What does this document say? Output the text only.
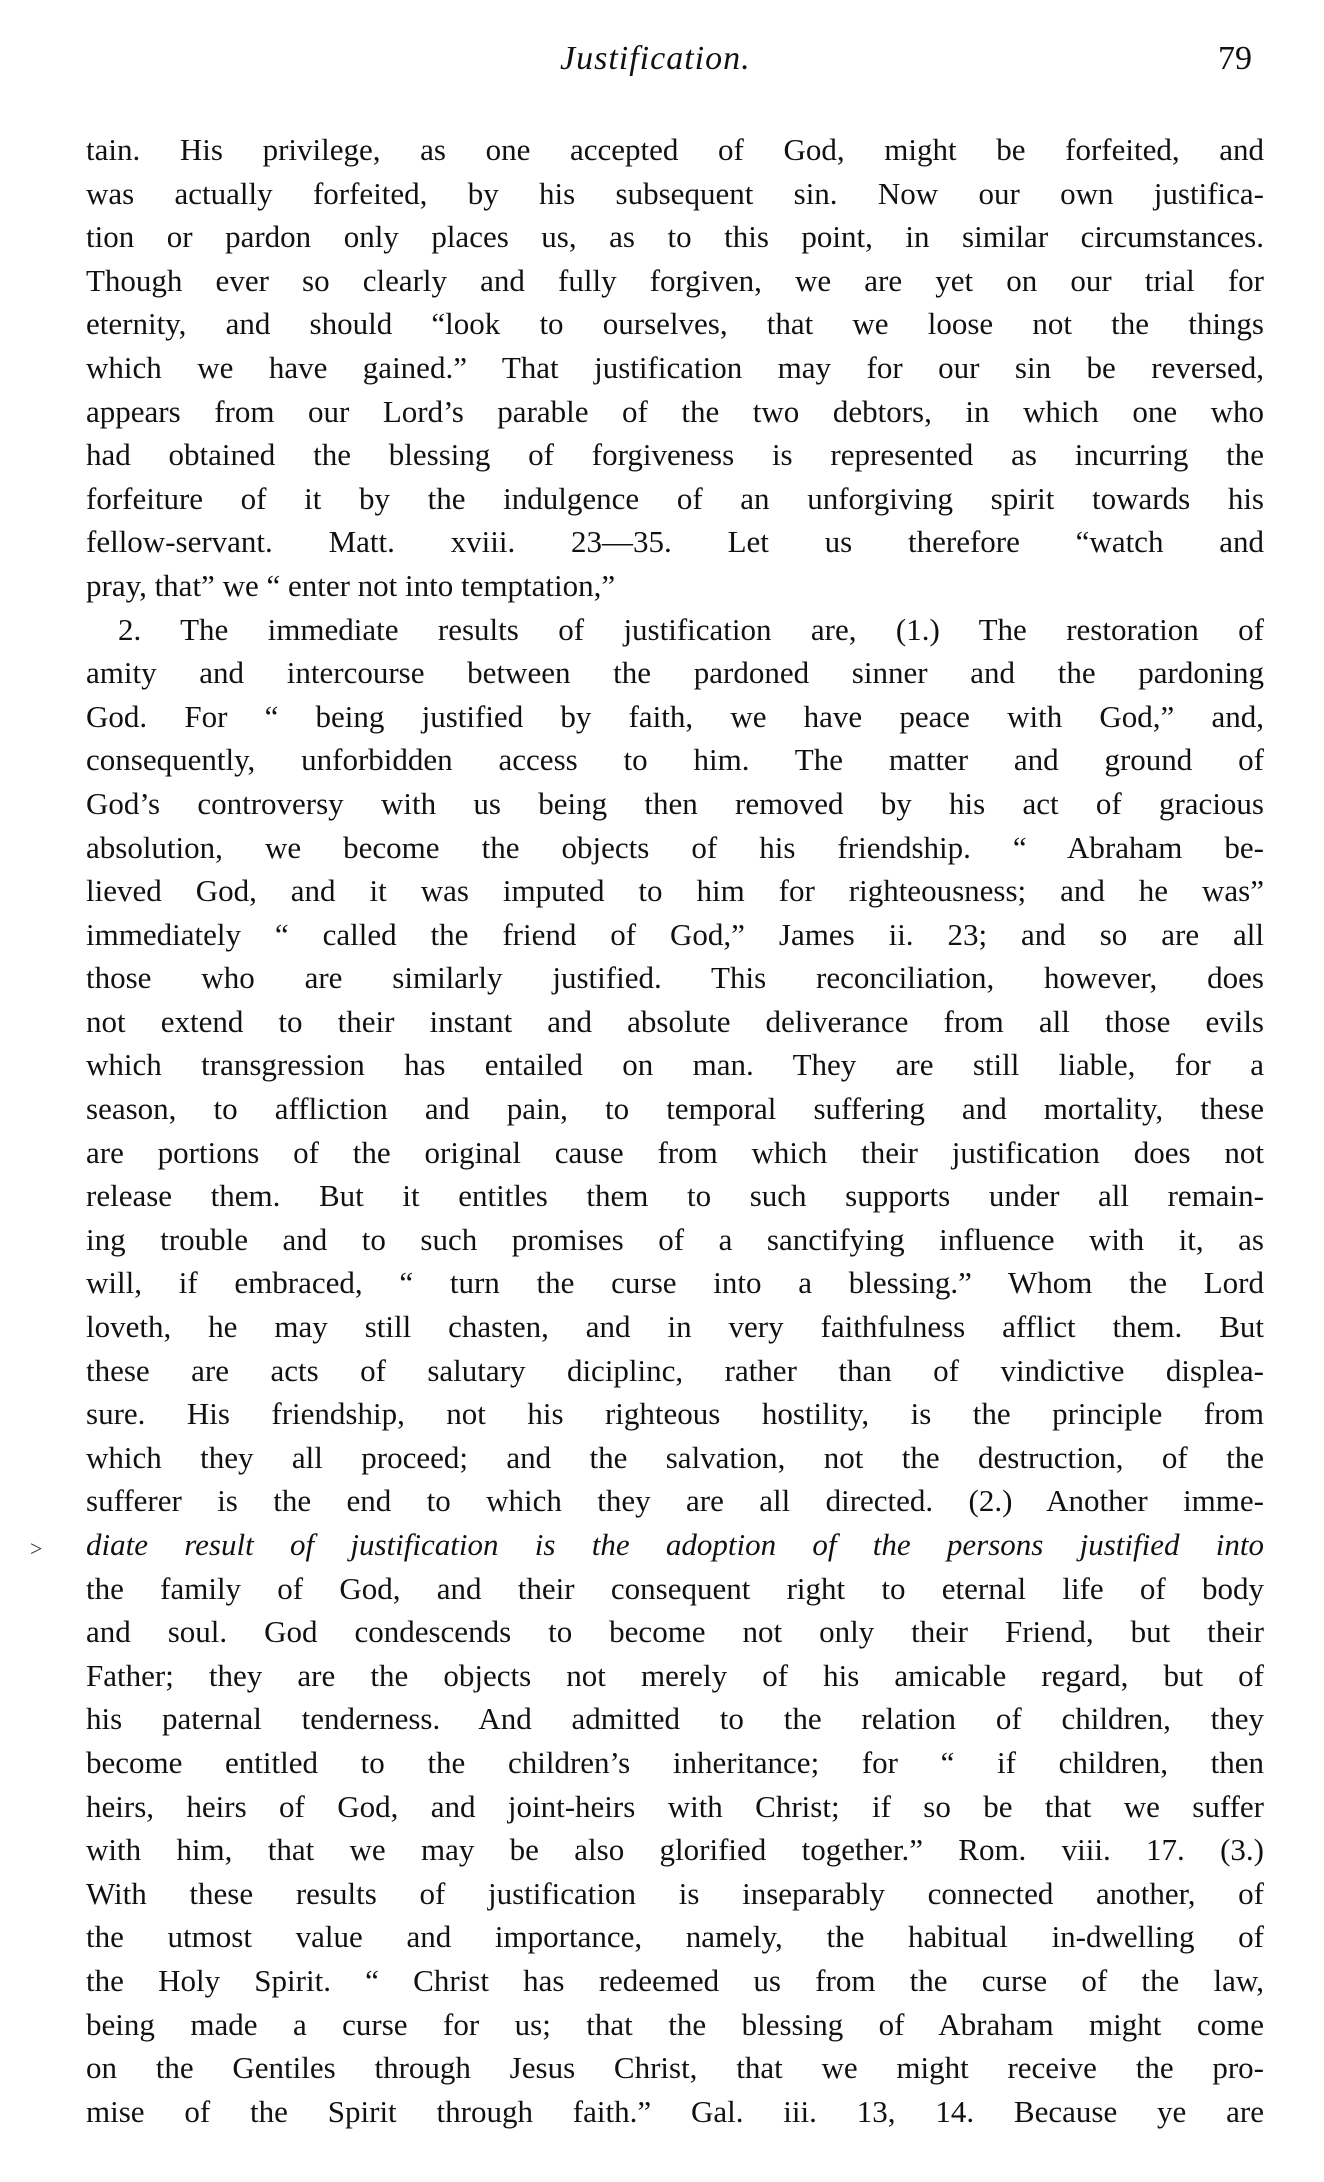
Justification.	79
>
tain. His privilege, as one accepted of God, might be forfeited, and
was actually forfeited, by his subsequent sin. Now our own justifica-
tion or pardon only places us, as to this point, in similar circumstances.
Though ever so clearly and fully forgiven, we are yet on our trial for
eternity, and should “look to ourselves, that we loose not the things
which we have gained.” That justification may for our sin be reversed,
appears from our Lord’s parable of the two debtors, in which one who
had obtained the blessing of forgiveness is represented as incurring the
forfeiture of it by the indulgence of an unforgiving spirit towards his
fellow-servant. Matt. xviii. 23—35. Let us therefore “watch and
pray, that” we “ enter not into temptation,”
2. The immediate results of justification are, (1.) The restoration of
amity and intercourse between the pardoned sinner and the pardoning
God. For “ being justified by faith, we have peace with God,” and,
consequently, unforbidden access to him. The matter and ground of
God’s controversy with us being then removed by his act of gracious
absolution, we become the objects of his friendship. “ Abraham be-
lieved God, and it was imputed to him for righteousness; and he was”
immediately “ called the friend of God,” James ii. 23; and so are all
those who are similarly justified. This reconciliation, however, does
not extend to their instant and absolute deliverance from all those evils
which transgression has entailed on man. They are still liable, for a
season, to affliction and pain, to temporal suffering and mortality, these
are portions of the original cause from which their justification does not
release them. But it entitles them to such supports under all remain-
ing trouble and to such promises of a sanctifying influence with it, as
will, if embraced, “ turn the curse into a blessing.” Whom the Lord
loveth, he may still chasten, and in very faithfulness afflict them. But
these are acts of salutary diciplinc, rather than of vindictive displea-
sure. His friendship, not his righteous hostility, is the principle from
which they all proceed; and the salvation, not the destruction, of the
sufferer is the end to which they are all directed. (2.) Another imme-
diate result of justification is the adoption of the persons justified into
the family of God, and their consequent right to eternal life of body
and soul. God condescends to become not only their Friend, but their
Father; they are the objects not merely of his amicable regard, but of
his paternal tenderness. And admitted to the relation of children, they
become entitled to the children’s inheritance; for “ if children, then
heirs, heirs of God, and joint-heirs with Christ; if so be that we suffer
with him, that we may be also glorified together.” Rom. viii. 17. (3.)
With these results of justification is inseparably connected another, of
the utmost value and importance, namely, the habitual in-dwelling of
the Holy Spirit. “ Christ has redeemed us from the curse of the law,
being made a curse for us; that the blessing of Abraham might come
on the Gentiles through Jesus Christ, that we might receive the pro-
mise of the Spirit through faith.” Gal. iii. 13, 14. Because ye are
